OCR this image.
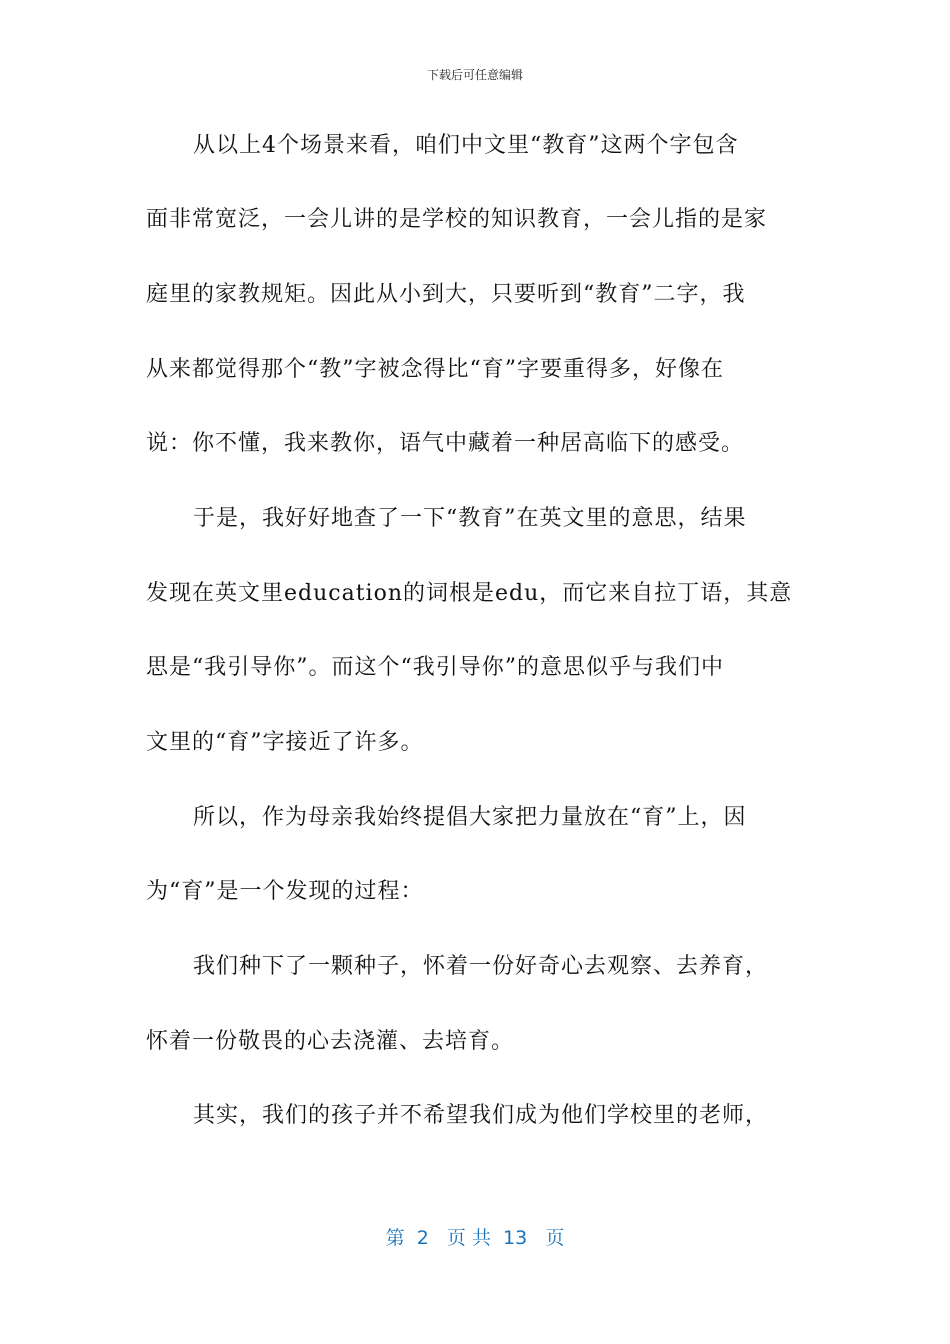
下载后可任意编辑
从以上4个场景来看，咱们中文里“教育”这两个字包含
面非常宽泛，一会儿讲的是学校的知识教育，一会儿指的是家
庭里的家教规矩。因此从小到大，只要听到“教育”二字，我
从来都觉得那个“教”字被念得比“育”字要重得多，好像在
说：你不懂，我来教你，语气中藏着一种居高临下的感受。
于是，我好好地查了一下“教育”在英文里的意思，结果
发现在英文里education的词根是edu，而它来自拉丁语，其意
思是“我引导你”。而这个“我引导你”的意思似乎与我们中
文里的“育”字接近了许多。
所以，作为母亲我始终提倡大家把力量放在“育”上，因
为“育”是一个发现的过程：
我们种下了一颗种子，怀着一份好奇心去观察、去养育，
怀着一份敬畏的心去浇灌、去培育。
其实，我们的孩子并不希望我们成为他们学校里的老师，
第  2   页 共  13   页
